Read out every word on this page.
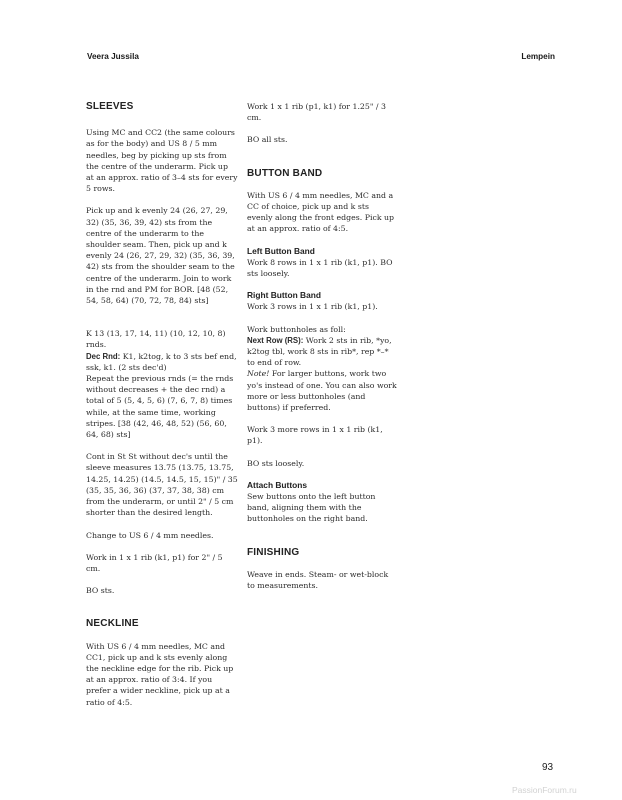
Veera Jussila	Lempein
SLEEVES

Using MC and CC2 (the same colours as for the body) and US 8 / 5 mm needles, beg by picking up sts from the centre of the underarm. Pick up at an approx. ratio of 3–4 sts for every 5 rows.

Pick up and k evenly 24 (26, 27, 29, 32) (35, 36, 39, 42) sts from the centre of the underarm to the shoulder seam. Then, pick up and k evenly 24 (26, 27, 29, 32) (35, 36, 39, 42) sts from the shoulder seam to the centre of the underarm. Join to work in the rnd and PM for BOR. [48 (52, 54, 58, 64) (70, 72, 78, 84) sts]

K 13 (13, 17, 14, 11) (10, 12, 10, 8) rnds.

Dec Rnd: K1, k2tog, k to 3 sts bef end, ssk, k1. (2 sts dec'd)

Repeat the previous rnds (= the rnds without decreases + the dec rnd) a total of 5 (5, 4, 5, 6) (7, 6, 7, 8) times while, at the same time, working stripes. [38 (42, 46, 48, 52) (56, 60, 64, 68) sts]

Cont in St St without dec's until the sleeve measures 13.75 (13.75, 13.75, 14.25, 14.25) (14.5, 14.5, 15, 15)" / 35 (35, 35, 36, 36) (37, 37, 38, 38) cm from the underarm, or until 2" / 5 cm shorter than the desired length.

Change to US 6 / 4 mm needles.

Work in 1 x 1 rib (k1, p1) for 2" / 5 cm.

BO sts.

NECKLINE

With US 6 / 4 mm needles, MC and CC1, pick up and k sts evenly along the neckline edge for the rib. Pick up at an approx. ratio of 3:4. If you prefer a wider neckline, pick up at a ratio of 4:5.

Work 1 x 1 rib (p1, k1) for 1.25" / 3 cm.

BO all sts.

BUTTON BAND

With US 6 / 4 mm needles, MC and a CC of choice, pick up and k sts evenly along the front edges. Pick up at an approx. ratio of 4:5.

Left Button Band

Work 8 rows in 1 x 1 rib (k1, p1). BO sts loosely.

Right Button Band

Work 3 rows in 1 x 1 rib (k1, p1).

Work buttonholes as foll:

Next Row (RS): Work 2 sts in rib, *yo, k2tog tbl, work 8 sts in rib*, rep *–* to end of row.

Note! For larger buttons, work two yo's instead of one. You can also work more or less buttonholes (and buttons) if preferred.

Work 3 more rows in 1 x 1 rib (k1, p1).

BO sts loosely.

Attach Buttons

Sew buttons onto the left button band, aligning them with the buttonholes on the right band.

FINISHING

Weave in ends. Steam- or wet-block to measurements.

93
PassionForum.ru
